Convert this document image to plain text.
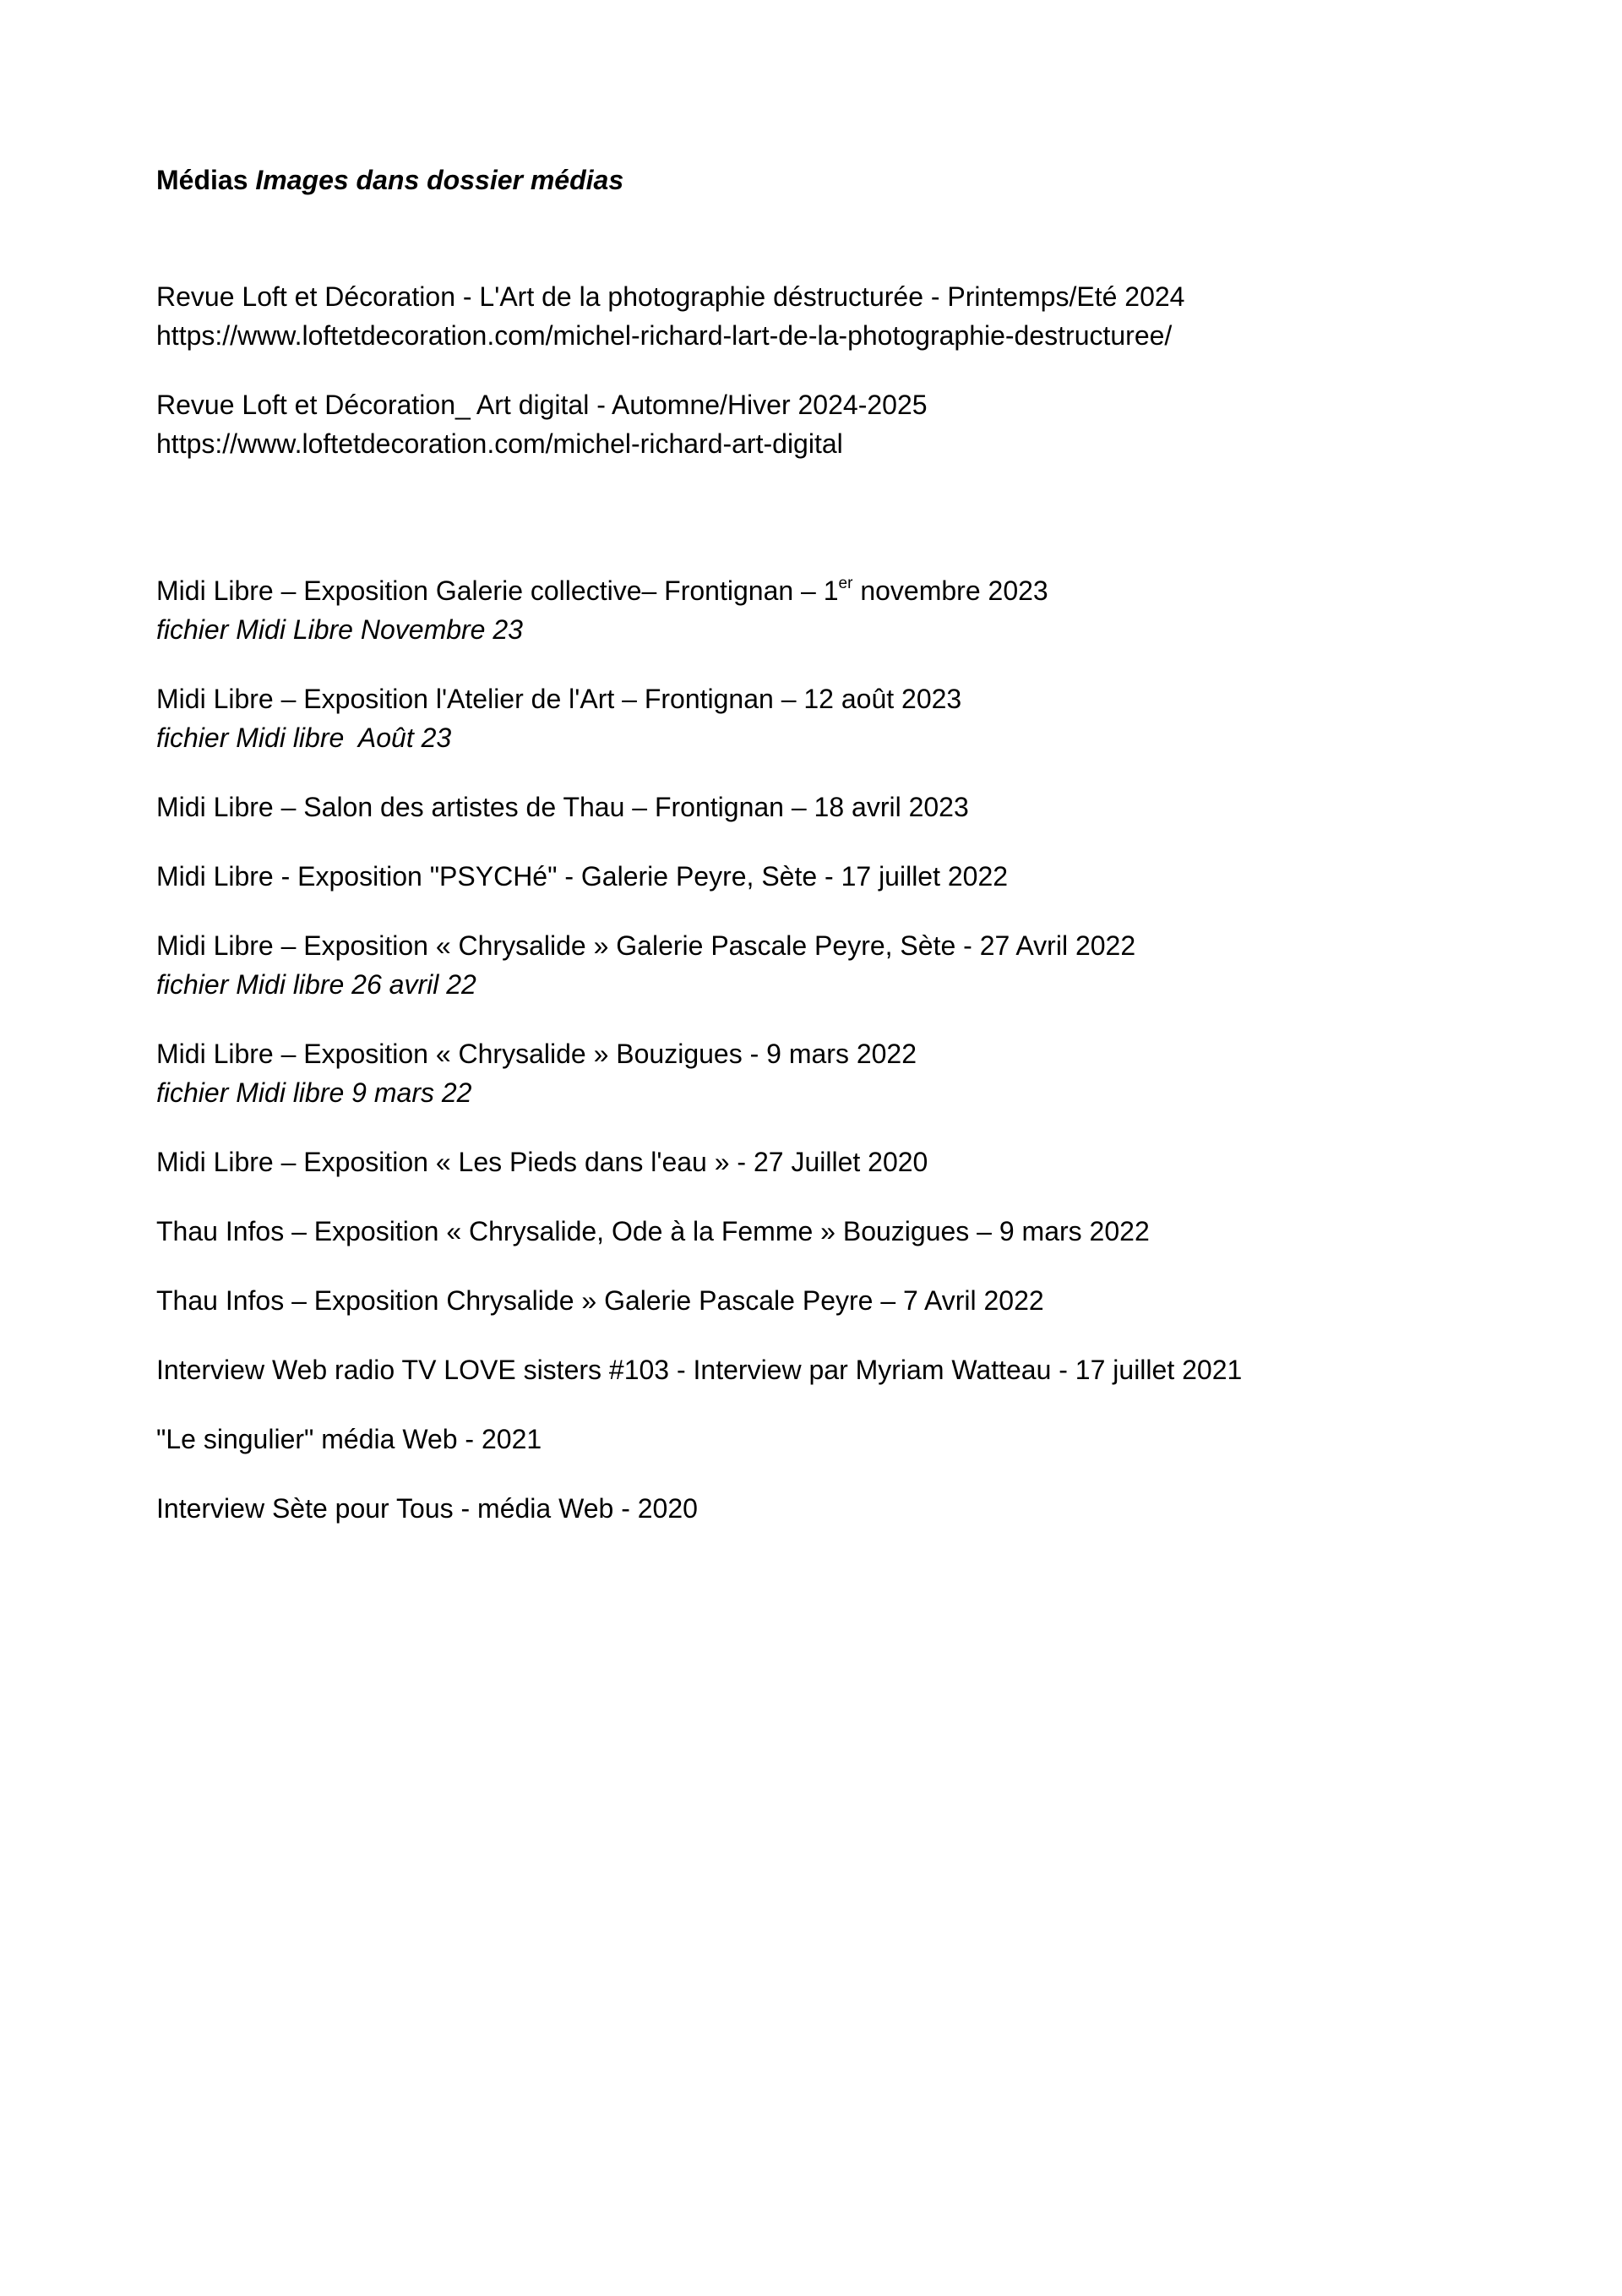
Médias Images dans dossier médias

Revue Loft et Décoration - L'Art de la photographie déstructurée - Printemps/Eté 2024
https://www.loftetdecoration.com/michel-richard-lart-de-la-photographie-destructuree/
Revue Loft et Décoration_ Art digital - Automne/Hiver 2024-2025
https://www.loftetdecoration.com/michel-richard-art-digital
Midi Libre – Exposition Galerie collective– Frontignan – 1er novembre 2023
fichier Midi Libre Novembre 23
Midi Libre – Exposition l'Atelier de l'Art – Frontignan – 12 août 2023
fichier Midi libre  Août 23
Midi Libre – Salon des artistes de Thau – Frontignan – 18 avril 2023
Midi Libre - Exposition "PSYCHé" - Galerie Peyre, Sète - 17 juillet 2022
Midi Libre – Exposition « Chrysalide » Galerie Pascale Peyre, Sète - 27 Avril 2022
fichier Midi libre 26 avril 22
Midi Libre – Exposition « Chrysalide » Bouzigues - 9 mars 2022
fichier Midi libre 9 mars 22
Midi Libre – Exposition « Les Pieds dans l'eau » - 27 Juillet 2020
Thau Infos – Exposition « Chrysalide, Ode à la Femme » Bouzigues – 9 mars 2022
Thau Infos – Exposition Chrysalide » Galerie Pascale Peyre – 7 Avril 2022
Interview Web radio TV LOVE sisters #103 - Interview par Myriam Watteau - 17 juillet 2021
"Le singulier" média Web - 2021
Interview Sète pour Tous - média Web - 2020
